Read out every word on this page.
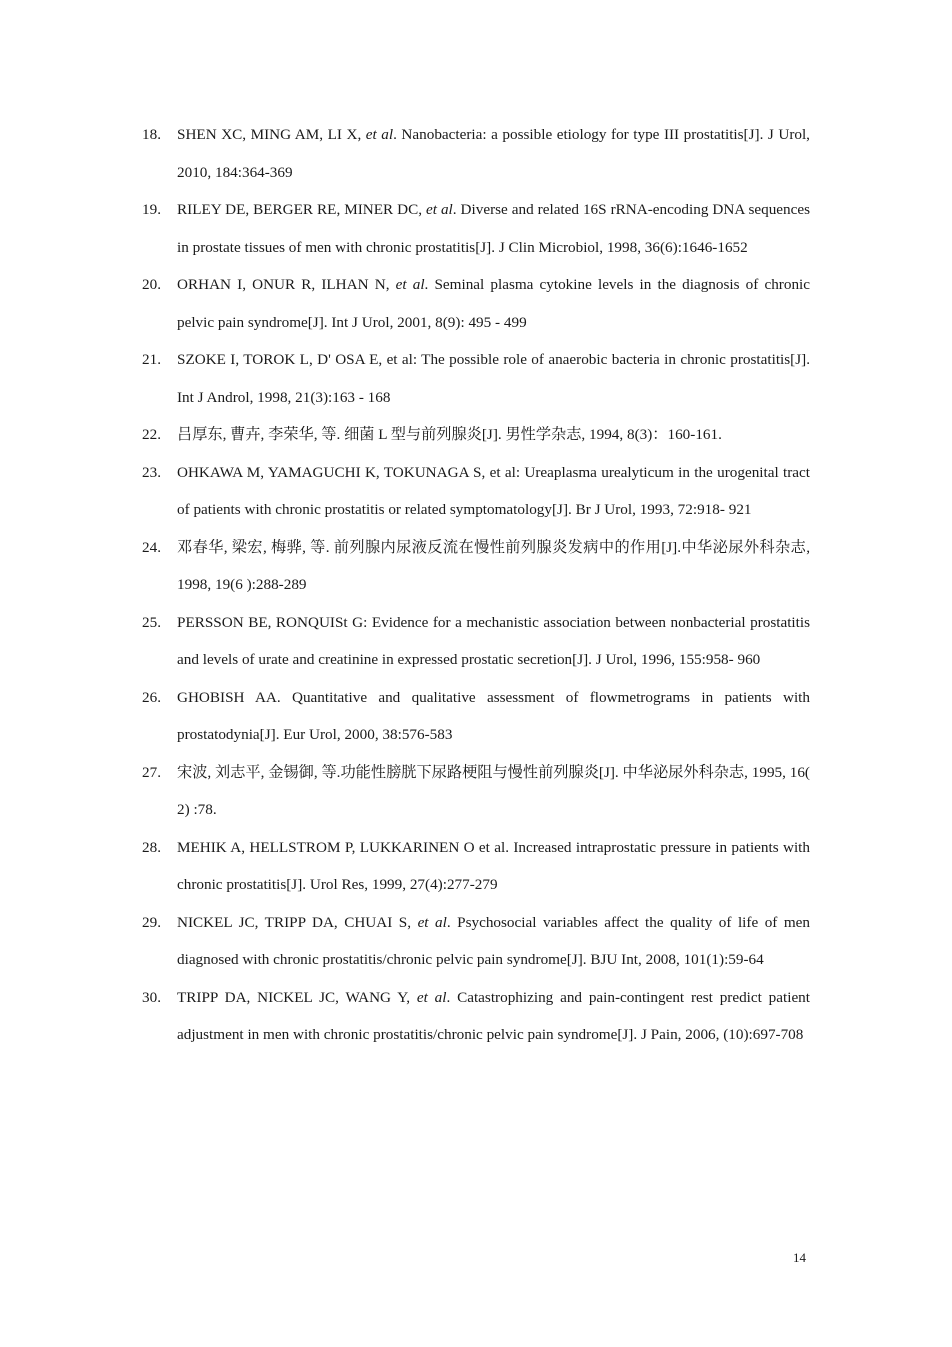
18. SHEN XC, MING AM, LI X, et al. Nanobacteria: a possible etiology for type III prostatitis[J]. J Urol, 2010, 184:364-369
19. RILEY DE, BERGER RE, MINER DC, et al. Diverse and related 16S rRNA-encoding DNA sequences in prostate tissues of men with chronic prostatitis[J]. J Clin Microbiol, 1998, 36(6):1646-1652
20. ORHAN I, ONUR R, ILHAN N, et al. Seminal plasma cytokine levels in the diagnosis of chronic pelvic pain syndrome[J]. Int J Urol, 2001, 8(9): 495 - 499
21. SZOKE I, TOROK L, D' OSA E, et al: The possible role of anaerobic bacteria in chronic prostatitis[J]. Int J Androl, 1998, 21(3):163 - 168
22. 吕厚东, 曹卉, 李荣华, 等. 细菌 L 型与前列腺炎[J]. 男性学杂志, 1994, 8(3)：160-161.
23. OHKAWA M, YAMAGUCHI K, TOKUNAGA S, et al: Ureaplasma urealyticum in the urogenital tract of patients with chronic prostatitis or related symptomatology[J]. Br J Urol, 1993, 72:918- 921
24. 邓春华, 梁宏, 梅骅, 等. 前列腺内尿液反流在慢性前列腺炎发病中的作用[J].中华泌尿外科杂志, 1998, 19(6 ):288-289
25. PERSSON BE, RONQUISt G: Evidence for a mechanistic association between nonbacterial prostatitis and levels of urate and creatinine in expressed prostatic secretion[J]. J Urol, 1996, 155:958- 960
26. GHOBISH AA. Quantitative and qualitative assessment of flowmetrograms in patients with prostatodynia[J]. Eur Urol, 2000, 38:576-583
27. 宋波, 刘志平, 金锡御, 等.功能性膀胱下尿路梗阻与慢性前列腺炎[J]. 中华泌尿外科杂志, 1995, 16( 2) :78.
28. MEHIK A, HELLSTROM P, LUKKARINEN O et al. Increased intraprostatic pressure in patients with chronic prostatitis[J]. Urol Res, 1999, 27(4):277-279
29. NICKEL JC, TRIPP DA, CHUAI S, et al. Psychosocial variables affect the quality of life of men diagnosed with chronic prostatitis/chronic pelvic pain syndrome[J]. BJU Int, 2008, 101(1):59-64
30. TRIPP DA, NICKEL JC, WANG Y, et al. Catastrophizing and pain-contingent rest predict patient adjustment in men with chronic prostatitis/chronic pelvic pain syndrome[J]. J Pain, 2006, (10):697-708
14
